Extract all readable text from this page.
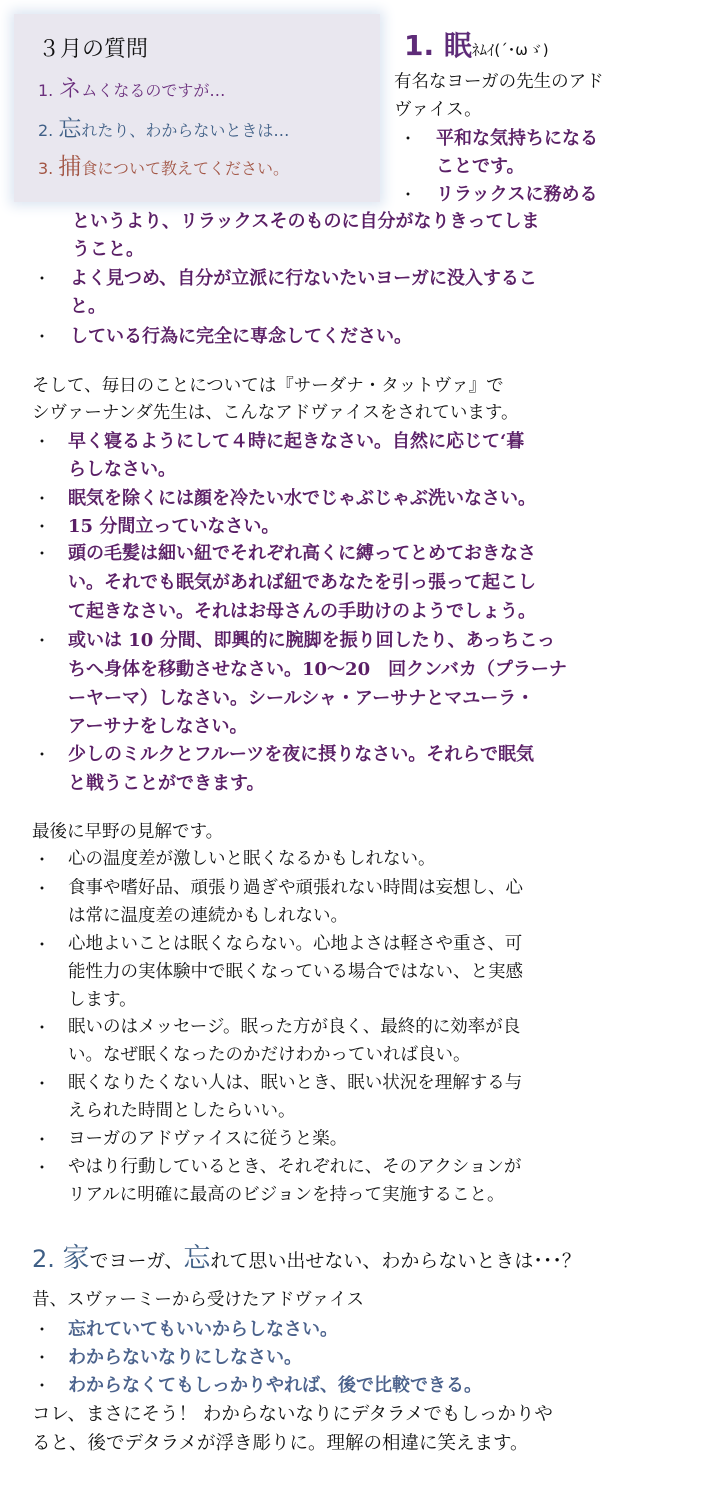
３月の質問
1. ネムくなるのですが…
2. 忘れたり、わからないときは…
3. 捕食について教えてください。
1. 眠ﾈﾑｲ(´･ωゞ)
有名なヨーガの先生のアド
ヴァイス。
・ 平和な気持ちになる
ことです。
・ リラックスに務める
というより、リラックスそのものに自分がなりきってしま
うこと。
・ よく見つめ、自分が立派に行ないたいヨーガに没入するこ
と。
・ している行為に完全に専念してください。
そして、毎日のことについては『サーダナ・タットヴァ』で
シヴァーナンダ先生は、こんなアドヴァイスをされています。
・ 早く寝るようにして４時に起きなさい。自然に応じて‘暮
らしなさい。
・ 眠気を除くには顔を冷たい水でじゃぶじゃぶ洗いなさい。
・ 15 分間立っていなさい。
・ 頭の毛髪は細い紐でそれぞれ高くに縛ってとめておきなさ
い。それでも眠気があれば紐であなたを引っ張って起こし
て起きなさい。それはお母さんの手助けのようでしょう。
・ 或いは 10 分間、即興的に腕脚を振り回したり、あっちこっ
ちへ身体を移動させなさい。10～20　回クンバカ（プラーナ
ーヤーマ）しなさい。シールシャ・アーサナとマユーラ・
アーサナをしなさい。
・ 少しのミルクとフルーツを夜に摂りなさい。それらで眠気
と戦うことができます。
最後に早野の見解です。
・ 心の温度差が激しいと眠くなるかもしれない。
・ 食事や嗜好品、頑張り過ぎや頑張れない時間は妄想し、心
は常に温度差の連続かもしれない。
・ 心地よいことは眠くならない。心地よさは軽さや重さ、可
能性力の実体験中で眠くなっている場合ではない、と実感
します。
・ 眠いのはメッセージ。眠った方が良く、最終的に効率が良
い。なぜ眠くなったのかだけわかっていれば良い。
・ 眠くなりたくない人は、眠いとき、眠い状況を理解する与
えられた時間としたらいい。
・ ヨーガのアドヴァイスに従うと楽。
・ やはり行動しているとき、それぞれに、そのアクションが
リアルに明確に最高のビジョンを持って実施すること。
2. 家でヨーガ、忘れて思い出せない、わからないときは･･･？
昔、スヴァーミーから受けたアドヴァイス
・ 忘れていてもいいからしなさい。
・ わからないなりにしなさい。
・ わからなくてもしっかりやれば、後で比較できる。
コレ、まさにそう！ わからないなりにデタラメでもしっかりや
ると、後でデタラメが浮き彫りに。理解の相違に笑えます。
